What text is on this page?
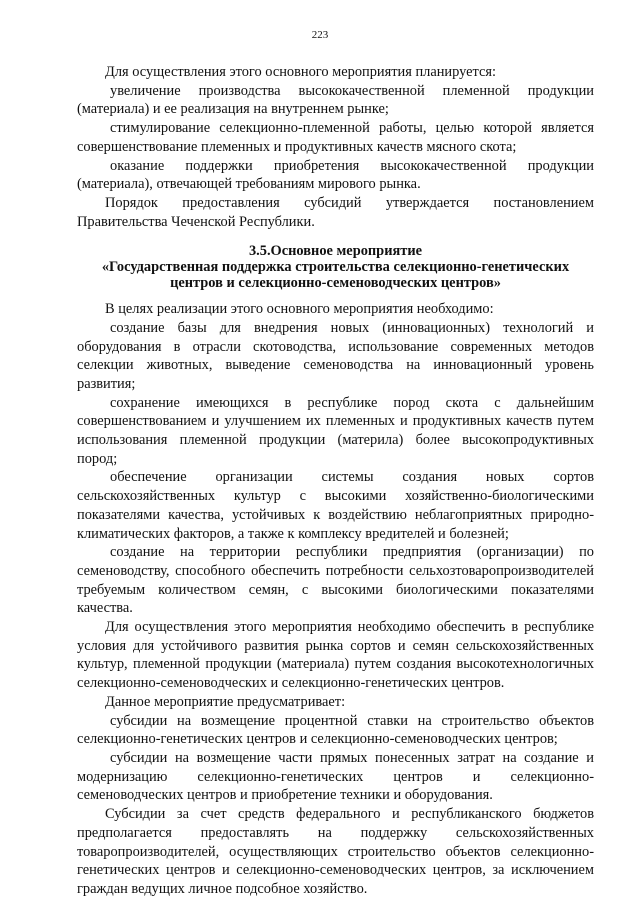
223

Для осуществления этого основного мероприятия планируется:

увеличение производства высококачественной племенной продукции (материала) и ее реализация на внутреннем рынке;

стимулирование селекционно-племенной работы, целью которой является совершенствование племенных и продуктивных качеств мясного скота;

оказание поддержки приобретения высококачественной продукции (материала), отвечающей требованиям мирового рынка.

Порядок предоставления субсидий утверждается постановлением Правительства Чеченской Республики.

3.5.Основное мероприятие
«Государственная поддержка строительства селекционно-генетических
центров и селекционно-семеноводческих центров»

В целях реализации этого основного мероприятия необходимо:

создание базы для внедрения новых (инновационных) технологий и оборудования в отрасли скотоводства, использование современных методов селекции животных, выведение семеноводства на инновационный уровень развития;

сохранение имеющихся в республике пород скота с дальнейшим совершенствованием и улучшением их племенных и продуктивных качеств путем использования племенной продукции (материла) более высокопродуктивных пород;

обеспечение организации системы создания новых сортов сельскохозяйственных культур с высокими хозяйственно-биологическими показателями качества, устойчивых к воздействию неблагоприятных природно-климатических факторов, а также к комплексу вредителей и болезней;

создание на территории республики предприятия (организации) по семеноводству, способного обеспечить потребности сельхозтоваропроизводителей требуемым количеством семян, с высокими биологическими показателями качества.

Для осуществления этого мероприятия необходимо обеспечить в республике условия для устойчивого развития рынка сортов и семян сельскохозяйственных культур, племенной продукции (материала) путем создания высокотехнологичных селекционно-семеноводческих и селекционно-генетических центров.

Данное мероприятие предусматривает:

субсидии на возмещение процентной ставки на строительство объектов селекционно-генетических центров и селекционно-семеноводческих центров;

субсидии на возмещение части прямых понесенных затрат на создание и модернизацию селекционно-генетических центров и селекционно-семеноводческих центров и приобретение техники и оборудования.

Субсидии за счет средств федерального и республиканского бюджетов предполагается предоставлять на поддержку сельскохозяйственных товаропроизводителей, осуществляющих строительство объектов селекционно-генетических центров и селекционно-семеноводческих центров, за исключением граждан ведущих личное подсобное хозяйство.
